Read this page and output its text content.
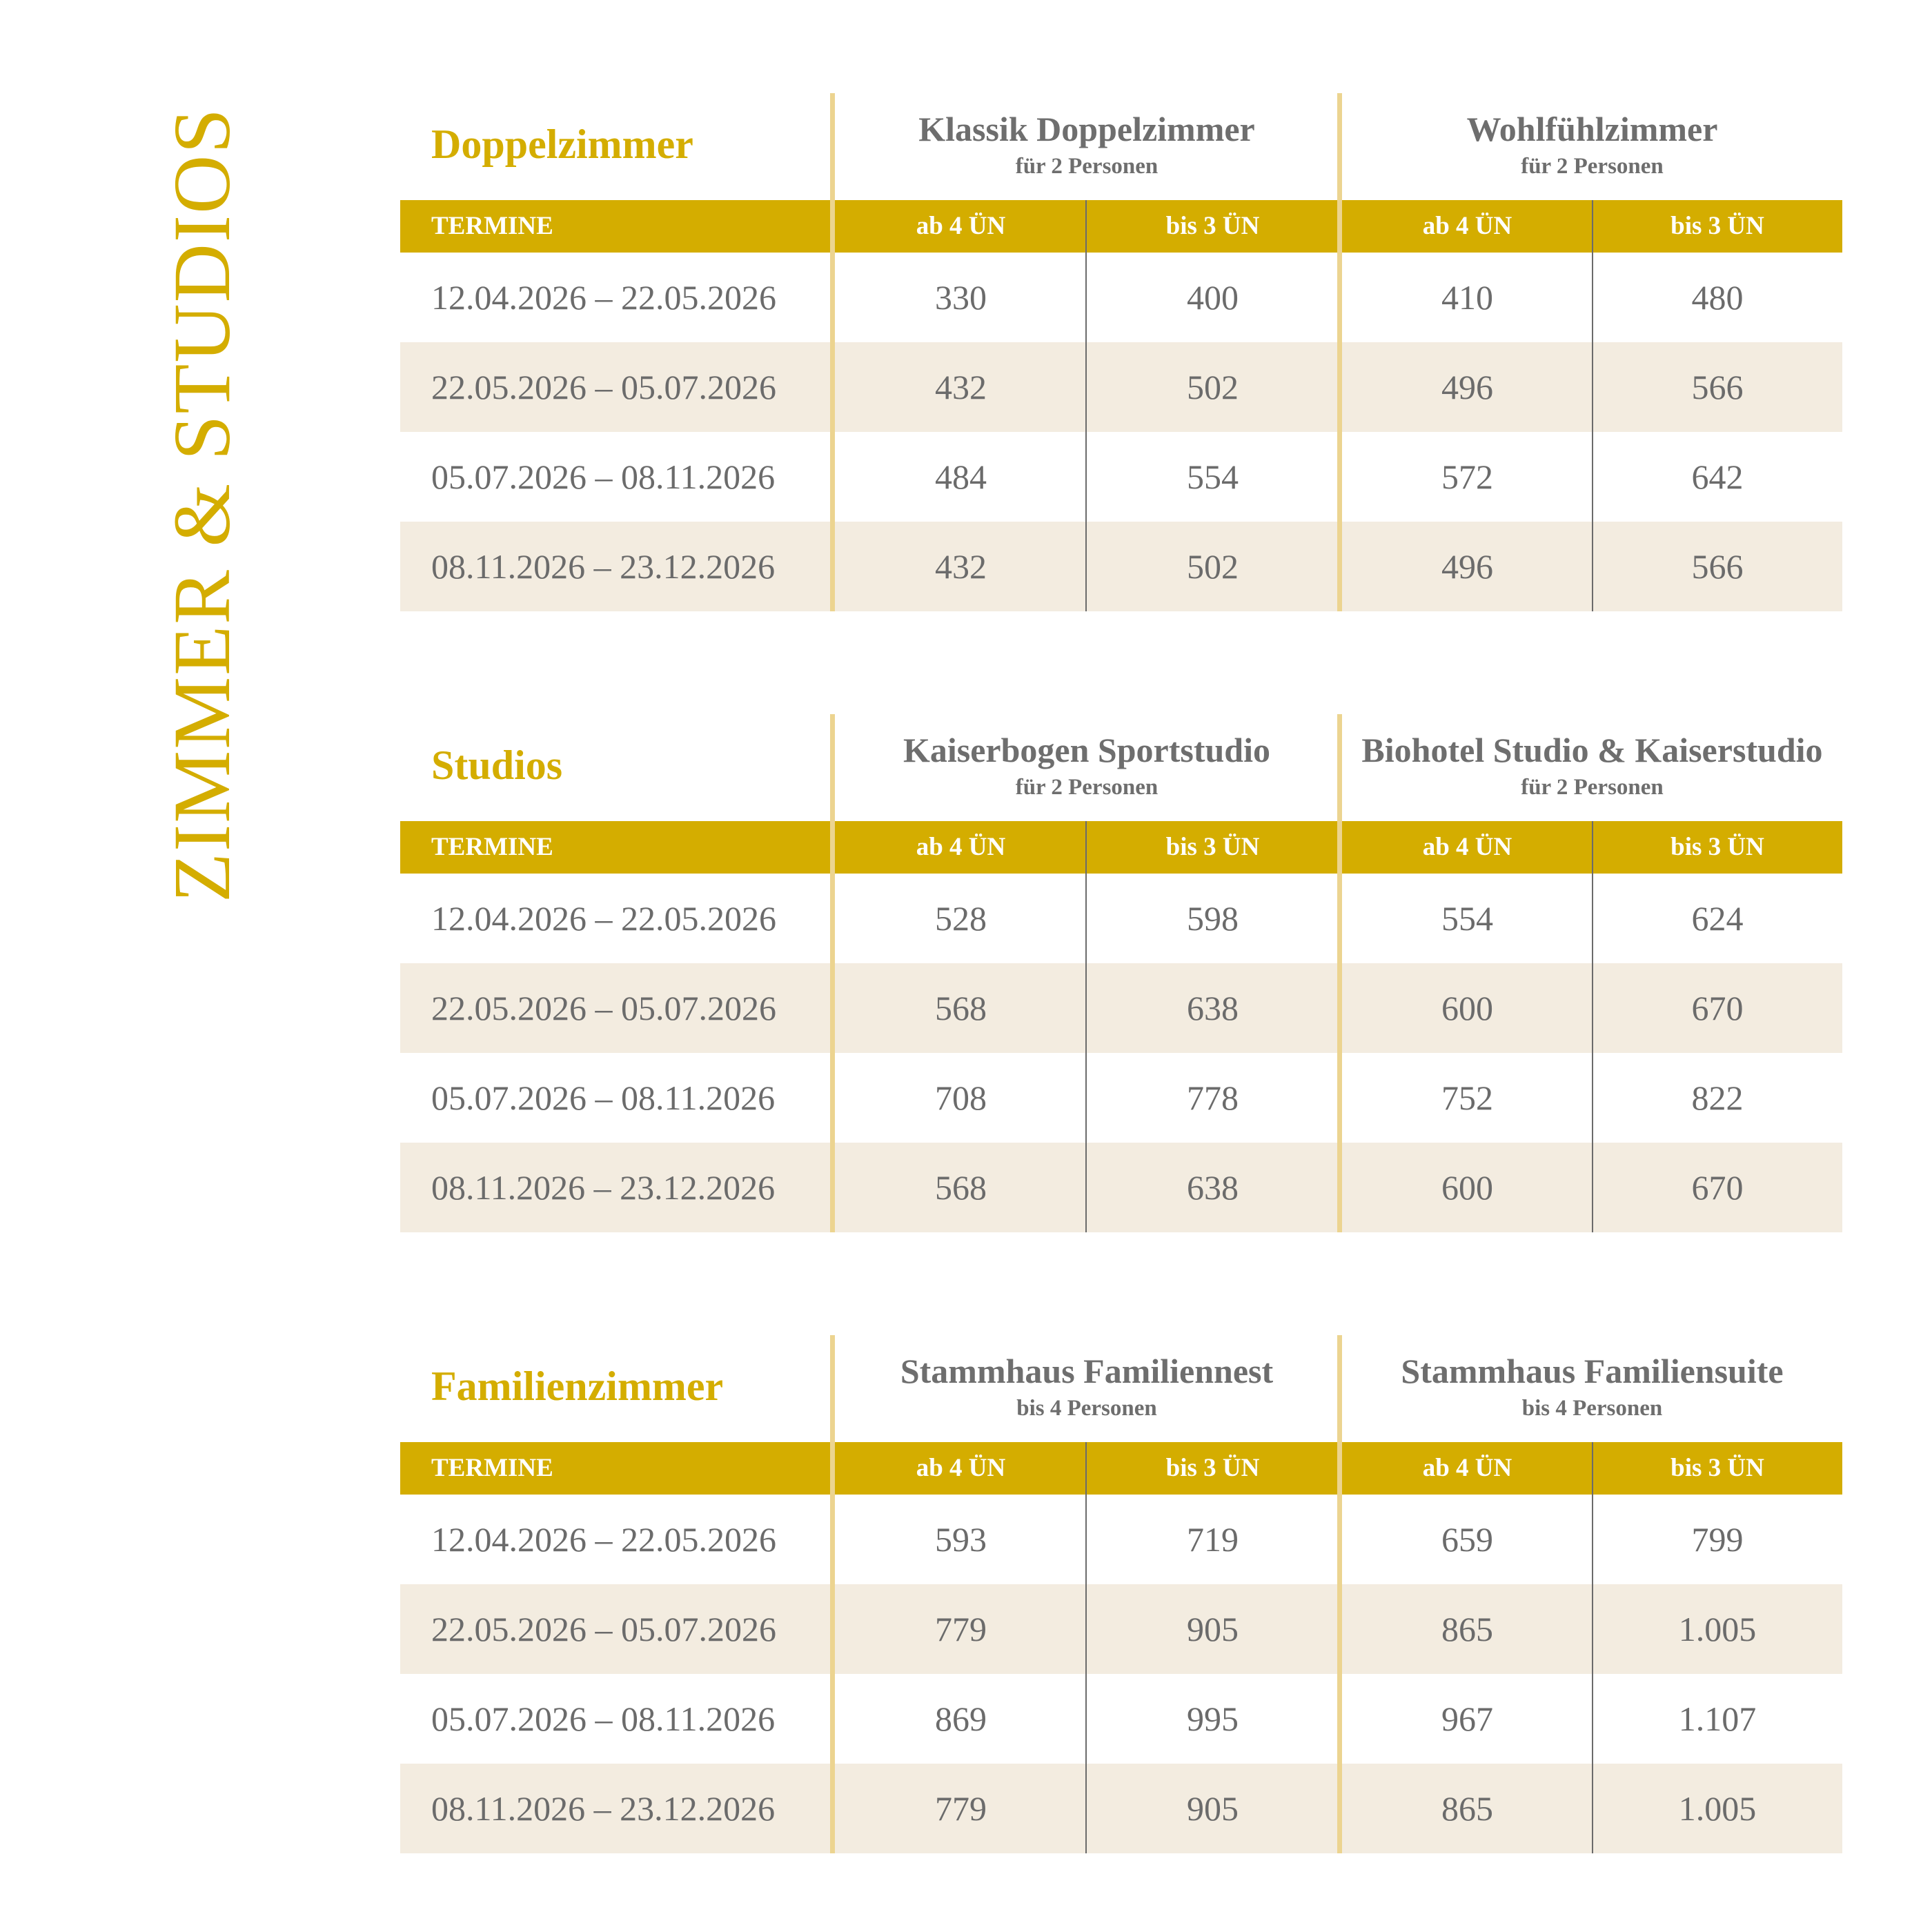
ZIMMER & STUDIOS	Doppelzimmer	Klassik Doppelzimmer
für 2 Personen
Wohlfühlzimmer
für 2 Personen
TERMINE	ab 4 ÜN	bis 3 ÜN	ab 4 ÜN	bis 3 ÜN
12.04.2026 – 22.05.2026	330	400	410	480
22.05.2026 – 05.07.2026	432	502	496	566
05.07.2026 – 08.11.2026	484	554	572	642
08.11.2026 – 23.12.2026	432	502	496	566
Studios	Kaiserbogen Sportstudio
für 2 Personen
Biohotel Studio & Kaiserstudio
für 2 Personen
TERMINE	ab 4 ÜN	bis 3 ÜN	ab 4 ÜN	bis 3 ÜN
12.04.2026 – 22.05.2026	528	598	554	624
22.05.2026 – 05.07.2026	568	638	600	670
05.07.2026 – 08.11.2026	708	778	752	822
08.11.2026 – 23.12.2026	568	638	600	670
Familienzimmer	Stammhaus Familiennest
bis 4 Personen
Stammhaus Familiensuite
bis 4 Personen
TERMINE	ab 4 ÜN	bis 3 ÜN	ab 4 ÜN	bis 3 ÜN
12.04.2026 – 22.05.2026	593	719	659	799
22.05.2026 – 05.07.2026	779	905	865	1.005
05.07.2026 – 08.11.2026	869	995	967	1.107
08.11.2026 – 23.12.2026	779	905	865	1.005
